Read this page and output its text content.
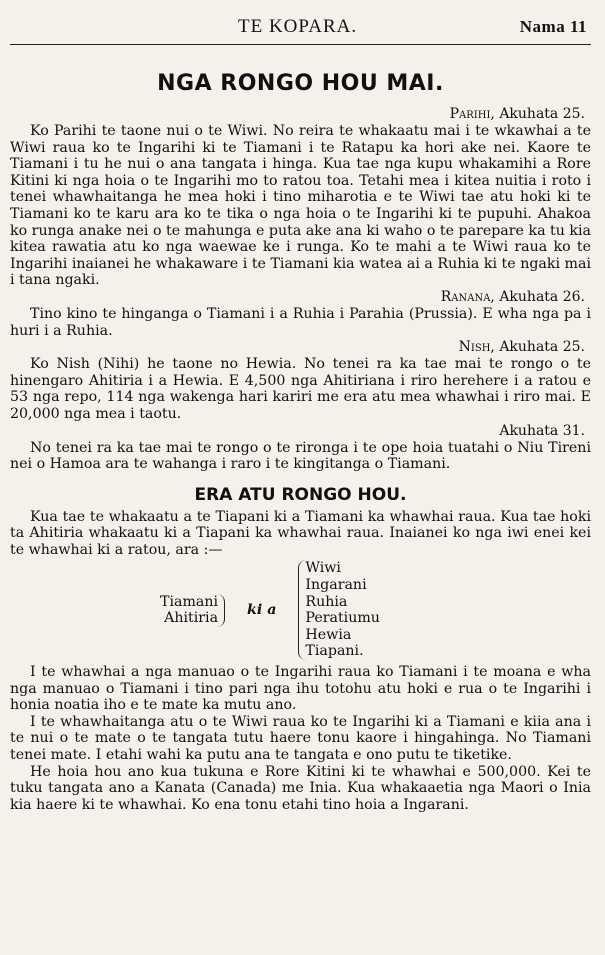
TE KOPARA.	Nama 11
NGA RONGO HOU MAI.

Parihi, Akuhata 25.

Ko Parihi te taone nui o te Wiwi. No reira te whakaatu mai i te wkawhai a te Wiwi raua ko te Ingarihi ki te Tiamani i te Ratapu ka hori ake nei. Kaore te Tiamani i tu he nui o ana tangata i hinga. Kua tae nga kupu whakamihi a Rore Kitini ki nga hoia o te Ingarihi mo to ratou toa. Tetahi mea i kitea nuitia i roto i tenei whawhaitanga he mea hoki i tino miharotia e te Wiwi tae atu hoki ki te Tiamani ko te karu ara ko te tika o nga hoia o te Ingarihi ki te pupuhi. Ahakoa ko runga anake nei o te mahunga e puta ake ana ki waho o te parepare ka tu kia kitea rawatia atu ko nga waewae ke i runga. Ko te mahi a te Wiwi raua ko te Ingarihi inaianei he whakaware i te Tiamani kia watea ai a Ruhia ki te ngaki mai i tana ngaki.

Ranana, Akuhata 26.

Tino kino te hinganga o Tiamani i a Ruhia i Parahia (Prussia). E wha nga pa i huri i a Ruhia.

Nish, Akuhata 25.

Ko Nish (Nihi) he taone no Hewia. No tenei ra ka tae mai te rongo o te hinengaro Ahitiria i a Hewia. E 4,500 nga Ahitiriana i riro herehere i a ratou e 53 nga repo, 114 nga wakenga hari kariri me era atu mea whawhai i riro mai. E 20,000 nga mea i taotu.

Akuhata 31.

No tenei ra ka tae mai te rongo o te rironga i te ope hoia tuatahi o Niu Tireni nei o Hamoa ara te wahanga i raro i te kingitanga o Tiamani.

ERA ATU RONGO HOU.

Kua tae te whakaatu a te Tiapani ki a Tiamani ka whawhai raua. Kua tae hoki ta Ahitiria whakaatu ki a Tiapani ka whawhai raua. Inaianei ko nga iwi enei kei te whawhai ki a ratou, ara :—

Tiamani
Ahitiria
ki a
Wiwi
Ingarani
Ruhia
Peratiumu
Hewia
Tiapani.

I te whawhai a nga manuao o te Ingarihi raua ko Tiamani i te moana e wha nga manuao o Tiamani i tino pari nga ihu totohu atu hoki e rua o te Ingarihi i honia noatia iho e te mate ka mutu ano.

I te whawhaitanga atu o te Wiwi raua ko te Ingarihi ki a Tiamani e kiia ana i te nui o te mate o te tangata tutu haere tonu kaore i hingahinga. No Tiamani tenei mate. I etahi wahi ka putu ana te tangata e ono putu te tiketike.

He hoia hou ano kua tukuna e Rore Kitini ki te whawhai e 500,000. Kei te tuku tangata ano a Kanata (Canada) me Inia. Kua whakaaetia nga Maori o Inia kia haere ki te whawhai. Ko ena tonu etahi tino hoia a Ingarani.
